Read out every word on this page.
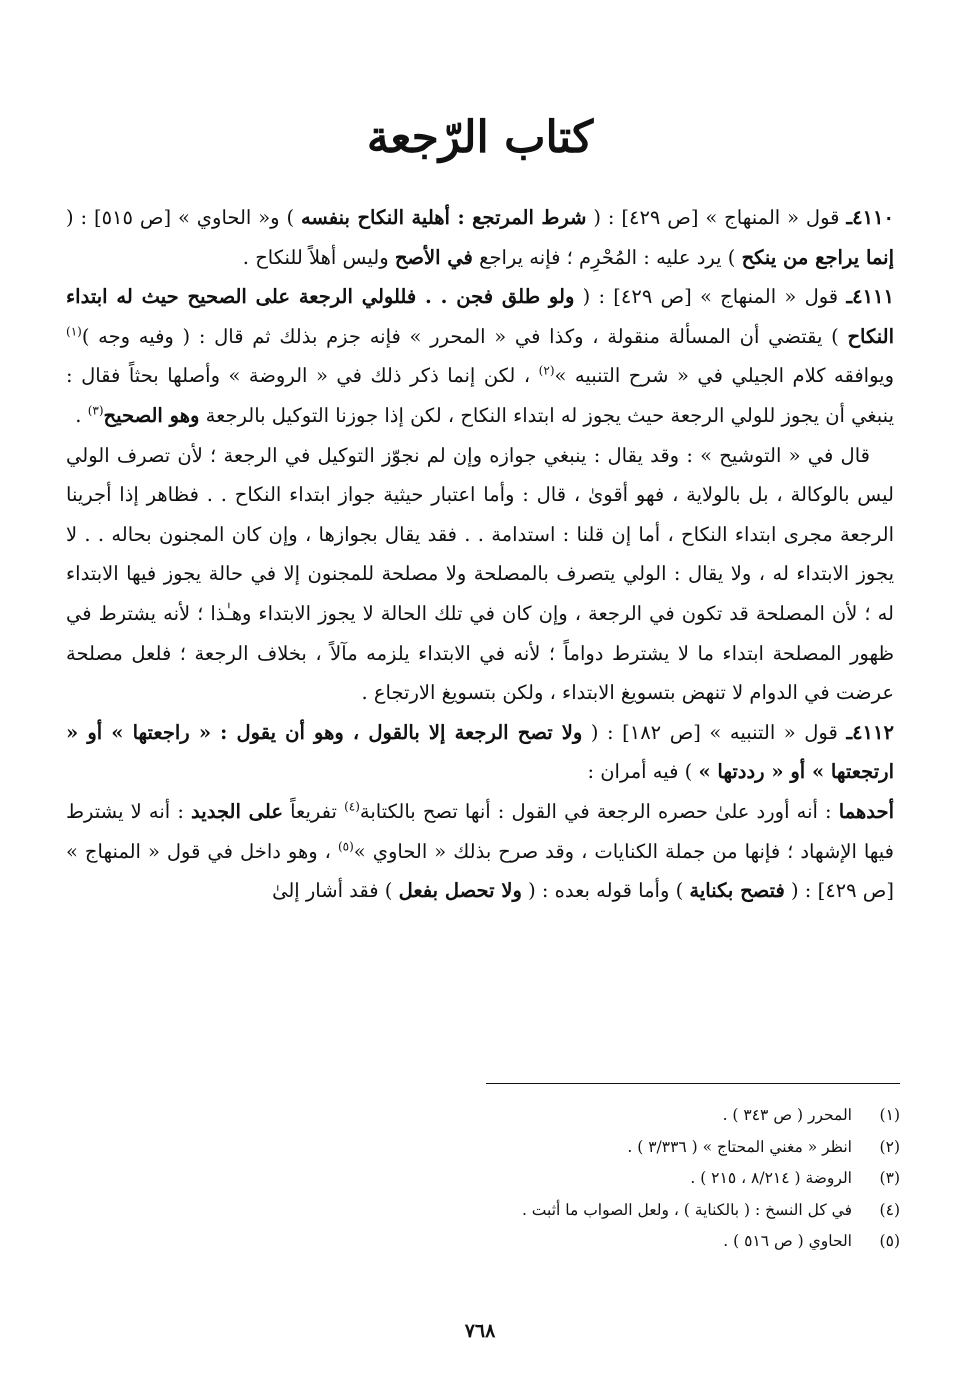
كتاب الرّجعة

٤١١٠ـ قول « المنهاج » [ص ٤٢٩] : ( شرط المرتجع : أهلية النكاح بنفسه ) و« الحاوي » [ص ٥١٥] : ( إنما يراجع من ينكح ) يرد عليه : المُحْرِم ؛ فإنه يراجع في الأصح وليس أهلاً للنكاح .

٤١١١ـ قول « المنهاج » [ص ٤٢٩] : ( ولو طلق فجن . . فللولي الرجعة على الصحيح حيث له ابتداء النكاح ) يقتضي أن المسألة منقولة ، وكذا في « المحرر » فإنه جزم بذلك ثم قال : ( وفيه وجه )$^{(١)}$ ويوافقه كلام الجيلي في « شرح التنبيه »$^{(٢)}$ ، لكن إنما ذكر ذلك في « الروضة » وأصلها بحثاً فقال : ينبغي أن يجوز للولي الرجعة حيث يجوز له ابتداء النكاح ، لكن إذا جوزنا التوكيل بالرجعة وهو الصحيح$^{(٣)}$ .

قال في « التوشيح » : وقد يقال : ينبغي جوازه وإن لم نجوّز التوكيل في الرجعة ؛ لأن تصرف الولي ليس بالوكالة ، بل بالولاية ، فهو أقوىٰ ، قال : وأما اعتبار حيثية جواز ابتداء النكاح . . فظاهر إذا أجرينا الرجعة مجرى ابتداء النكاح ، أما إن قلنا : استدامة . . فقد يقال بجوازها ، وإن كان المجنون بحاله . . لا يجوز الابتداء له ، ولا يقال : الولي يتصرف بالمصلحة ولا مصلحة للمجنون إلا في حالة يجوز فيها الابتداء له ؛ لأن المصلحة قد تكون في الرجعة ، وإن كان في تلك الحالة لا يجوز الابتداء وهـٰذا ؛ لأنه يشترط في ظهور المصلحة ابتداء ما لا يشترط دواماً ؛ لأنه في الابتداء يلزمه مآلاً ، بخلاف الرجعة ؛ فلعل مصلحة عرضت في الدوام لا تنهض بتسويغ الابتداء ، ولكن بتسويغ الارتجاع .

٤١١٢ـ قول « التنبيه » [ص ١٨٢] : ( ولا تصح الرجعة إلا بالقول ، وهو أن يقول : « راجعتها » أو « ارتجعتها » أو « رددتها » ) فيه أمران :

أحدهما : أنه أورد علىٰ حصره الرجعة في القول : أنها تصح بالكتابة$^{(٤)}$ تفريعاً على الجديد : أنه لا يشترط فيها الإشهاد ؛ فإنها من جملة الكنايات ، وقد صرح بذلك « الحاوي »$^{(٥)}$ ، وهو داخل في قول « المنهاج » [ص ٤٢٩] : ( فتصح بكناية ) وأما قوله بعده : ( ولا تحصل بفعل ) فقد أشار إلىٰ

(١)
المحرر ( ص ٣٤٣ ) .
(٢)
انظر « مغني المحتاج » ( ٣/٣٣٦ ) .
(٣)
الروضة ( ٨/٢١٤ ، ٢١٥ ) .
(٤)
في كل النسخ : ( بالكناية ) ، ولعل الصواب ما أثبت .
(٥)
الحاوي ( ص ٥١٦ ) .
٧٦٨
